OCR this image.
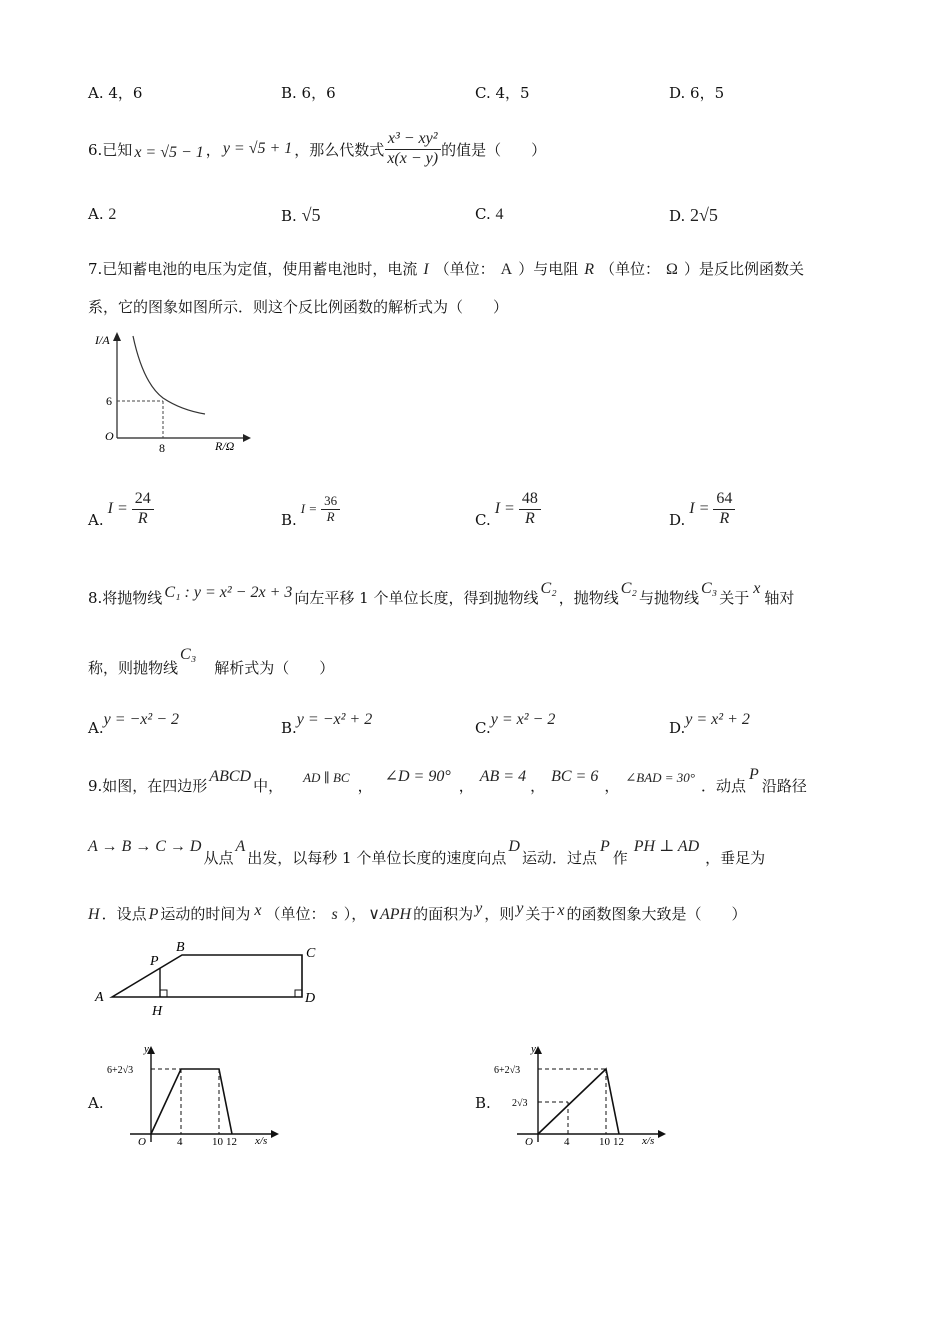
A. 4，6	B. 6，6	C. 4，5	D. 6，5
6.已知 x = √5 − 1 ， y = √5 + 1 ，那么代数式 $\frac{\text{x³ − xy²}}{x(x - y)}$ 的值是（　　）
A. 2	B. √5	C. 4	D. 2√5
7.已知蓄电池的电压为定值，使用蓄电池时，电流 I （单位： A ）与电阻 R （单位： Ω ）是反比例函数关
系，它的图象如图所示．则这个反比例函数的解析式为（　　）
I/A
R/Ω
O
6
8
A.
$I = \frac{24}{R}$	B.
$I = \frac{36}{R}$	C.
$I = \frac{48}{R}$	D.
$I = \frac{64}{R}$
8.将抛物线 C₁ : y = x² − 2x + 3 向左平移 1 个单位长度，得到抛物线
C₂
，抛物线
C₂
与抛物线
C₃
关于
x
轴对
称，则抛物线
C₃
解析式为（　　）
A. y = −x² − 2	B. y = −x² + 2	C. y = x² − 2	D. y = x² + 2
9.如图，在四边形
ABCD
中， AD ∥ BC ，
∠D = 90°
，
AB = 4
，
BC = 6
， ∠BAD = 30° ．动点
P
沿路径
A → B → C → D
从点
A
出发，以每秒 1 个单位长度的速度向点
D
运动．过点
P
作
PH ⊥ AD
，垂足为
H ．设点 P 运动的时间为 x （单位： s ）， ∨APH 的面积为 y ，则 y 关于 x 的函数图象大致是（　　）
A
B	C
D
P
H
A.
y
x/s
O
6+2√3
4	10 12
B.
y
x/s
O
6+2√3
2√3
4	10 12
